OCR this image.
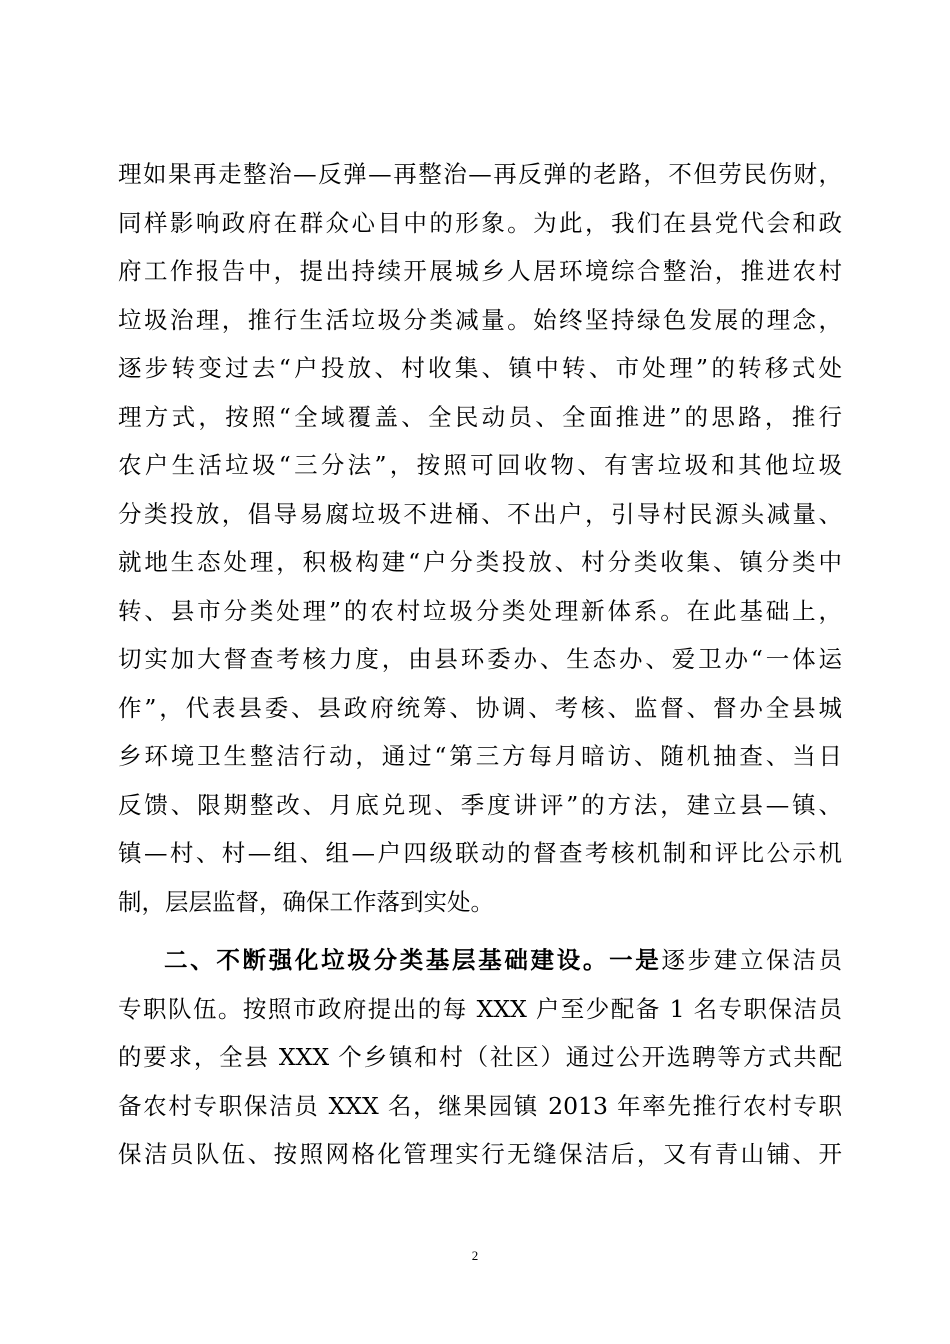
理如果再走整治—反弹—再整治—再反弹的老路，不但劳民伤财，
同样影响政府在群众心目中的形象。为此，我们在县党代会和政
府工作报告中，提出持续开展城乡人居环境综合整治，推进农村
垃圾治理，推行生活垃圾分类减量。始终坚持绿色发展的理念，
逐步转变过去“户投放、村收集、镇中转、市处理”的转移式处
理方式，按照“全域覆盖、全民动员、全面推进”的思路，推行
农户生活垃圾“三分法”，按照可回收物、有害垃圾和其他垃圾
分类投放，倡导易腐垃圾不进桶、不出户，引导村民源头减量、
就地生态处理，积极构建“户分类投放、村分类收集、镇分类中
转、县市分类处理”的农村垃圾分类处理新体系。在此基础上，
切实加大督查考核力度，由县环委办、生态办、爱卫办“一体运
作”，代表县委、县政府统筹、协调、考核、监督、督办全县城
乡环境卫生整洁行动，通过“第三方每月暗访、随机抽查、当日
反馈、限期整改、月底兑现、季度讲评”的方法，建立县—镇、
镇—村、村—组、组—户四级联动的督查考核机制和评比公示机
制，层层监督，确保工作落到实处。
二、不断强化垃圾分类基层基础建设。一是逐步建立保洁员
专职队伍。按照市政府提出的每 XXX 户至少配备 1 名专职保洁员
的要求，全县 XXX 个乡镇和村（社区）通过公开选聘等方式共配
备农村专职保洁员 XXX 名，继果园镇 2013 年率先推行农村专职
保洁员队伍、按照网格化管理实行无缝保洁后，又有青山铺、开
2
